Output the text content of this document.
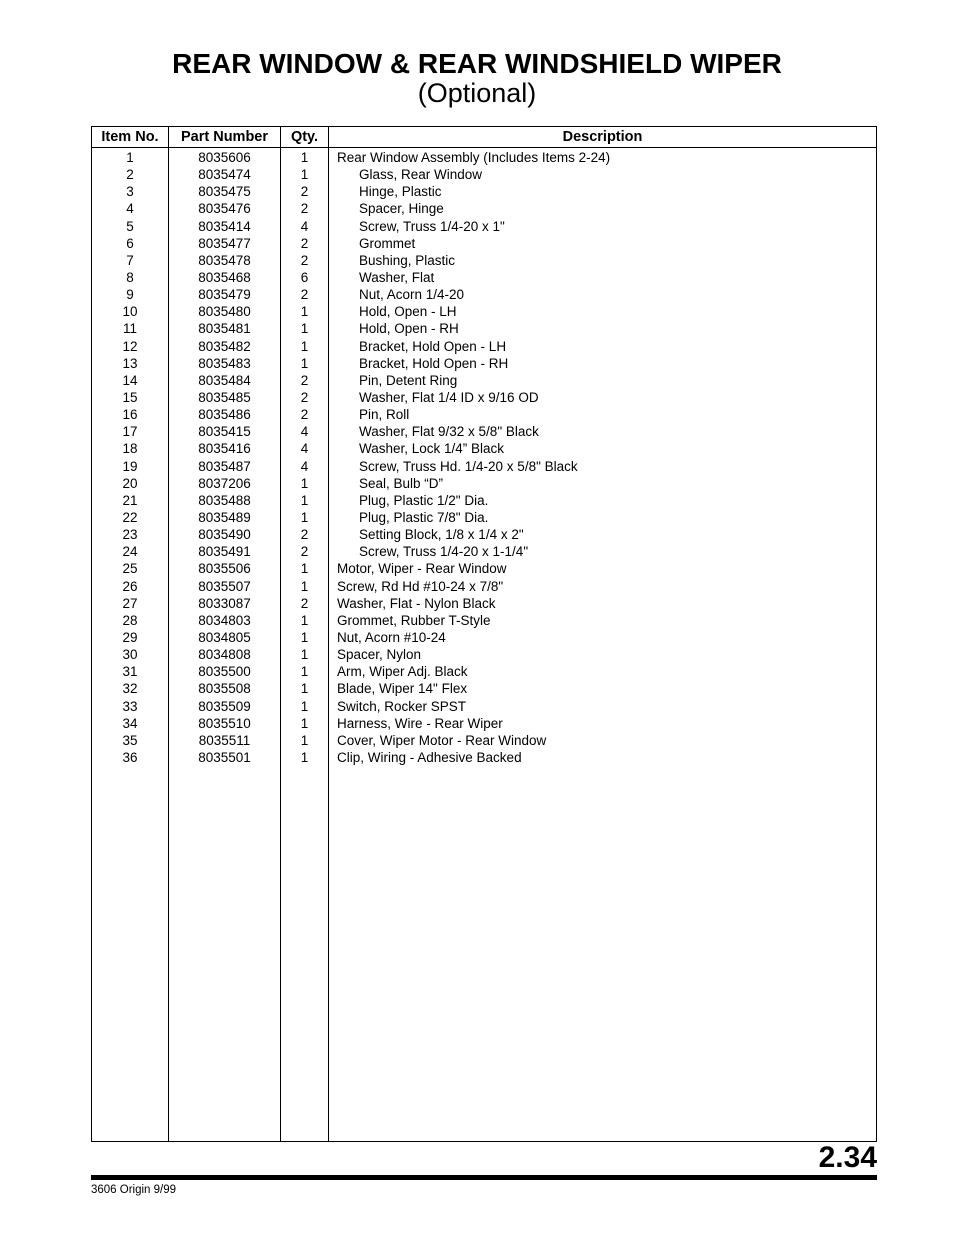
REAR WINDOW & REAR WINDSHIELD WIPER
(Optional)
Item No.	Part Number	Qty.	Description
1	8035606	1	Rear Window Assembly (Includes Items 2-24)
2	8035474	1	Glass, Rear Window
3	8035475	2	Hinge, Plastic
4	8035476	2	Spacer, Hinge
5	8035414	4	Screw, Truss 1/4-20 x 1"
6	8035477	2	Grommet
7	8035478	2	Bushing, Plastic
8	8035468	6	Washer, Flat
9	8035479	2	Nut, Acorn 1/4-20
10	8035480	1	Hold, Open - LH
11	8035481	1	Hold, Open - RH
12	8035482	1	Bracket, Hold Open - LH
13	8035483	1	Bracket, Hold Open - RH
14	8035484	2	Pin, Detent Ring
15	8035485	2	Washer, Flat 1/4 ID x 9/16 OD
16	8035486	2	Pin, Roll
17	8035415	4	Washer, Flat 9/32 x 5/8" Black
18	8035416	4	Washer, Lock 1/4” Black
19	8035487	4	Screw, Truss Hd. 1/4-20 x 5/8" Black
20	8037206	1	Seal, Bulb “D”
21	8035488	1	Plug, Plastic 1/2" Dia.
22	8035489	1	Plug, Plastic 7/8" Dia.
23	8035490	2	Setting Block, 1/8 x 1/4 x 2"
24	8035491	2	Screw, Truss 1/4-20 x 1-1/4"
25	8035506	1	Motor, Wiper - Rear Window
26	8035507	1	Screw, Rd Hd #10-24 x 7/8"
27	8033087	2	Washer, Flat - Nylon Black
28	8034803	1	Grommet, Rubber T-Style
29	8034805	1	Nut, Acorn #10-24
30	8034808	1	Spacer, Nylon
31	8035500	1	Arm, Wiper Adj. Black
32	8035508	1	Blade, Wiper 14" Flex
33	8035509	1	Switch, Rocker SPST
34	8035510	1	Harness, Wire - Rear Wiper
35	8035511	1	Cover, Wiper Motor - Rear Window
36	8035501	1	Clip, Wiring - Adhesive Backed
2.34
3606 Origin 9/99
